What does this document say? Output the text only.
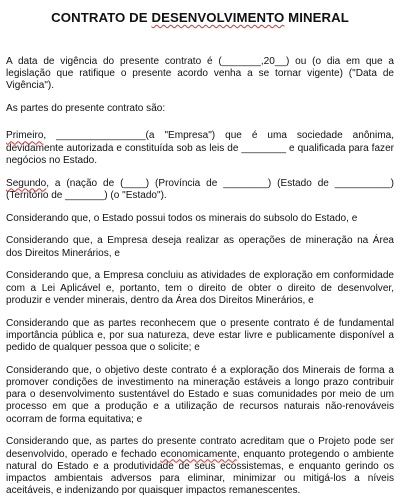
CONTRATO DE DESENVOLVIMENTO MINERAL

A data de vigência do presente contrato é (_______,20__) ou (o dia em que a legislação que ratifique o presente acordo venha a se tornar vigente) ("Data de Vigência").

As partes do presente contrato são:

Primeiro, ________________(a "Empresa") que é uma sociedade anônima, devidamente autorizada e constituída sob as leis de ________ e qualificada para fazer negócios no Estado.

Segundo, a (nação de (____) (Província de ________) (Estado de __________) (Território de _______) (o "Estado").

Considerando que, o Estado possui todos os minerais do subsolo do Estado, e

Considerando que, a Empresa deseja realizar as operações de mineração na Área dos Direitos Minerários, e

Considerando que, a Empresa concluiu as atividades de exploração em conformidade com a Lei Aplicável e, portanto, tem o direito de obter o direito de desenvolver, produzir e vender minerais, dentro da Área dos Direitos Minerários, e

Considerando que as partes reconhecem que o presente contrato é de fundamental importância pública e, por sua natureza, deve estar livre e publicamente disponível a pedido de qualquer pessoa que o solicite; e

Considerando que, o objetivo deste contrato é a exploração dos Minerais de forma a promover condições de investimento na mineração estáveis a longo prazo contribuir para o desenvolvimento sustentável do Estado e suas comunidades por meio de um processo em que a produção e a utilização de recursos naturais não-renováveis ocorram de forma equitativa; e

Considerando que, as partes do presente contrato acreditam que o Projeto pode ser desenvolvido, operado e fechado economicamente, enquanto protegendo o ambiente natural do Estado e a produtividade de seus ecossistemas, e enquanto gerindo os impactos ambientais adversos para eliminar, minimizar ou mitigá-los a níveis aceitáveis, e indenizando por quaisquer impactos remanescentes.
